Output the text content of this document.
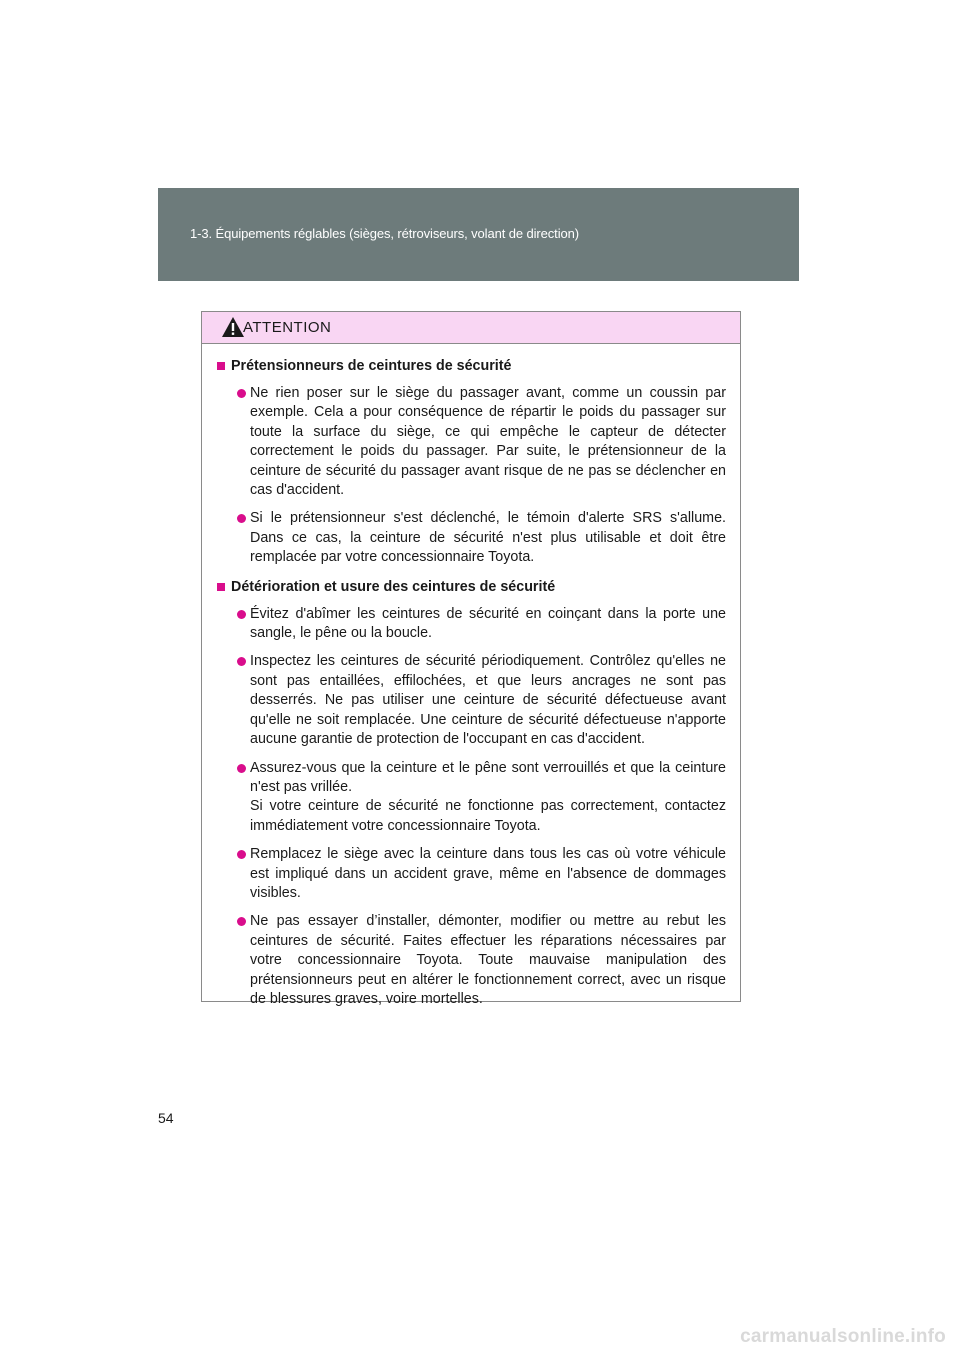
1-3. Équipements réglables (sièges, rétroviseurs, volant de direction)
ATTENTION
Prétensionneurs de ceintures de sécurité
Ne rien poser sur le siège du passager avant, comme un coussin par exemple. Cela a pour conséquence de répartir le poids du passager sur toute la surface du siège, ce qui empêche le capteur de détecter correctement le poids du passager. Par suite, le prétensionneur de la ceinture de sécurité du passager avant risque de ne pas se déclencher en cas d'accident.
Si le prétensionneur s'est déclenché, le témoin d'alerte SRS s'allume. Dans ce cas, la ceinture de sécurité n'est plus utilisable et doit être remplacée par votre concessionnaire Toyota.
Détérioration et usure des ceintures de sécurité
Évitez d'abîmer les ceintures de sécurité en coinçant dans la porte une sangle, le pêne ou la boucle.
Inspectez les ceintures de sécurité périodiquement. Contrôlez qu'elles ne sont pas entaillées, effilochées, et que leurs ancrages ne sont pas desserrés. Ne pas utiliser une ceinture de sécurité défectueuse avant qu'elle ne soit remplacée. Une ceinture de sécurité défectueuse n'apporte aucune garantie de protection de l'occupant en cas d'accident.
Assurez-vous que la ceinture et le pêne sont verrouillés et que la ceinture n'est pas vrillée.
Si votre ceinture de sécurité ne fonctionne pas correctement, contactez immédiatement votre concessionnaire Toyota.
Remplacez le siège avec la ceinture dans tous les cas où votre véhicule est impliqué dans un accident grave, même en l'absence de dommages visibles.
Ne pas essayer d’installer, démonter, modifier ou mettre au rebut les ceintures de sécurité. Faites effectuer les réparations nécessaires par votre concessionnaire Toyota. Toute mauvaise manipulation des prétensionneurs peut en altérer le fonctionnement correct, avec un risque de blessures graves, voire mortelles.
54
carmanualsonline.info
